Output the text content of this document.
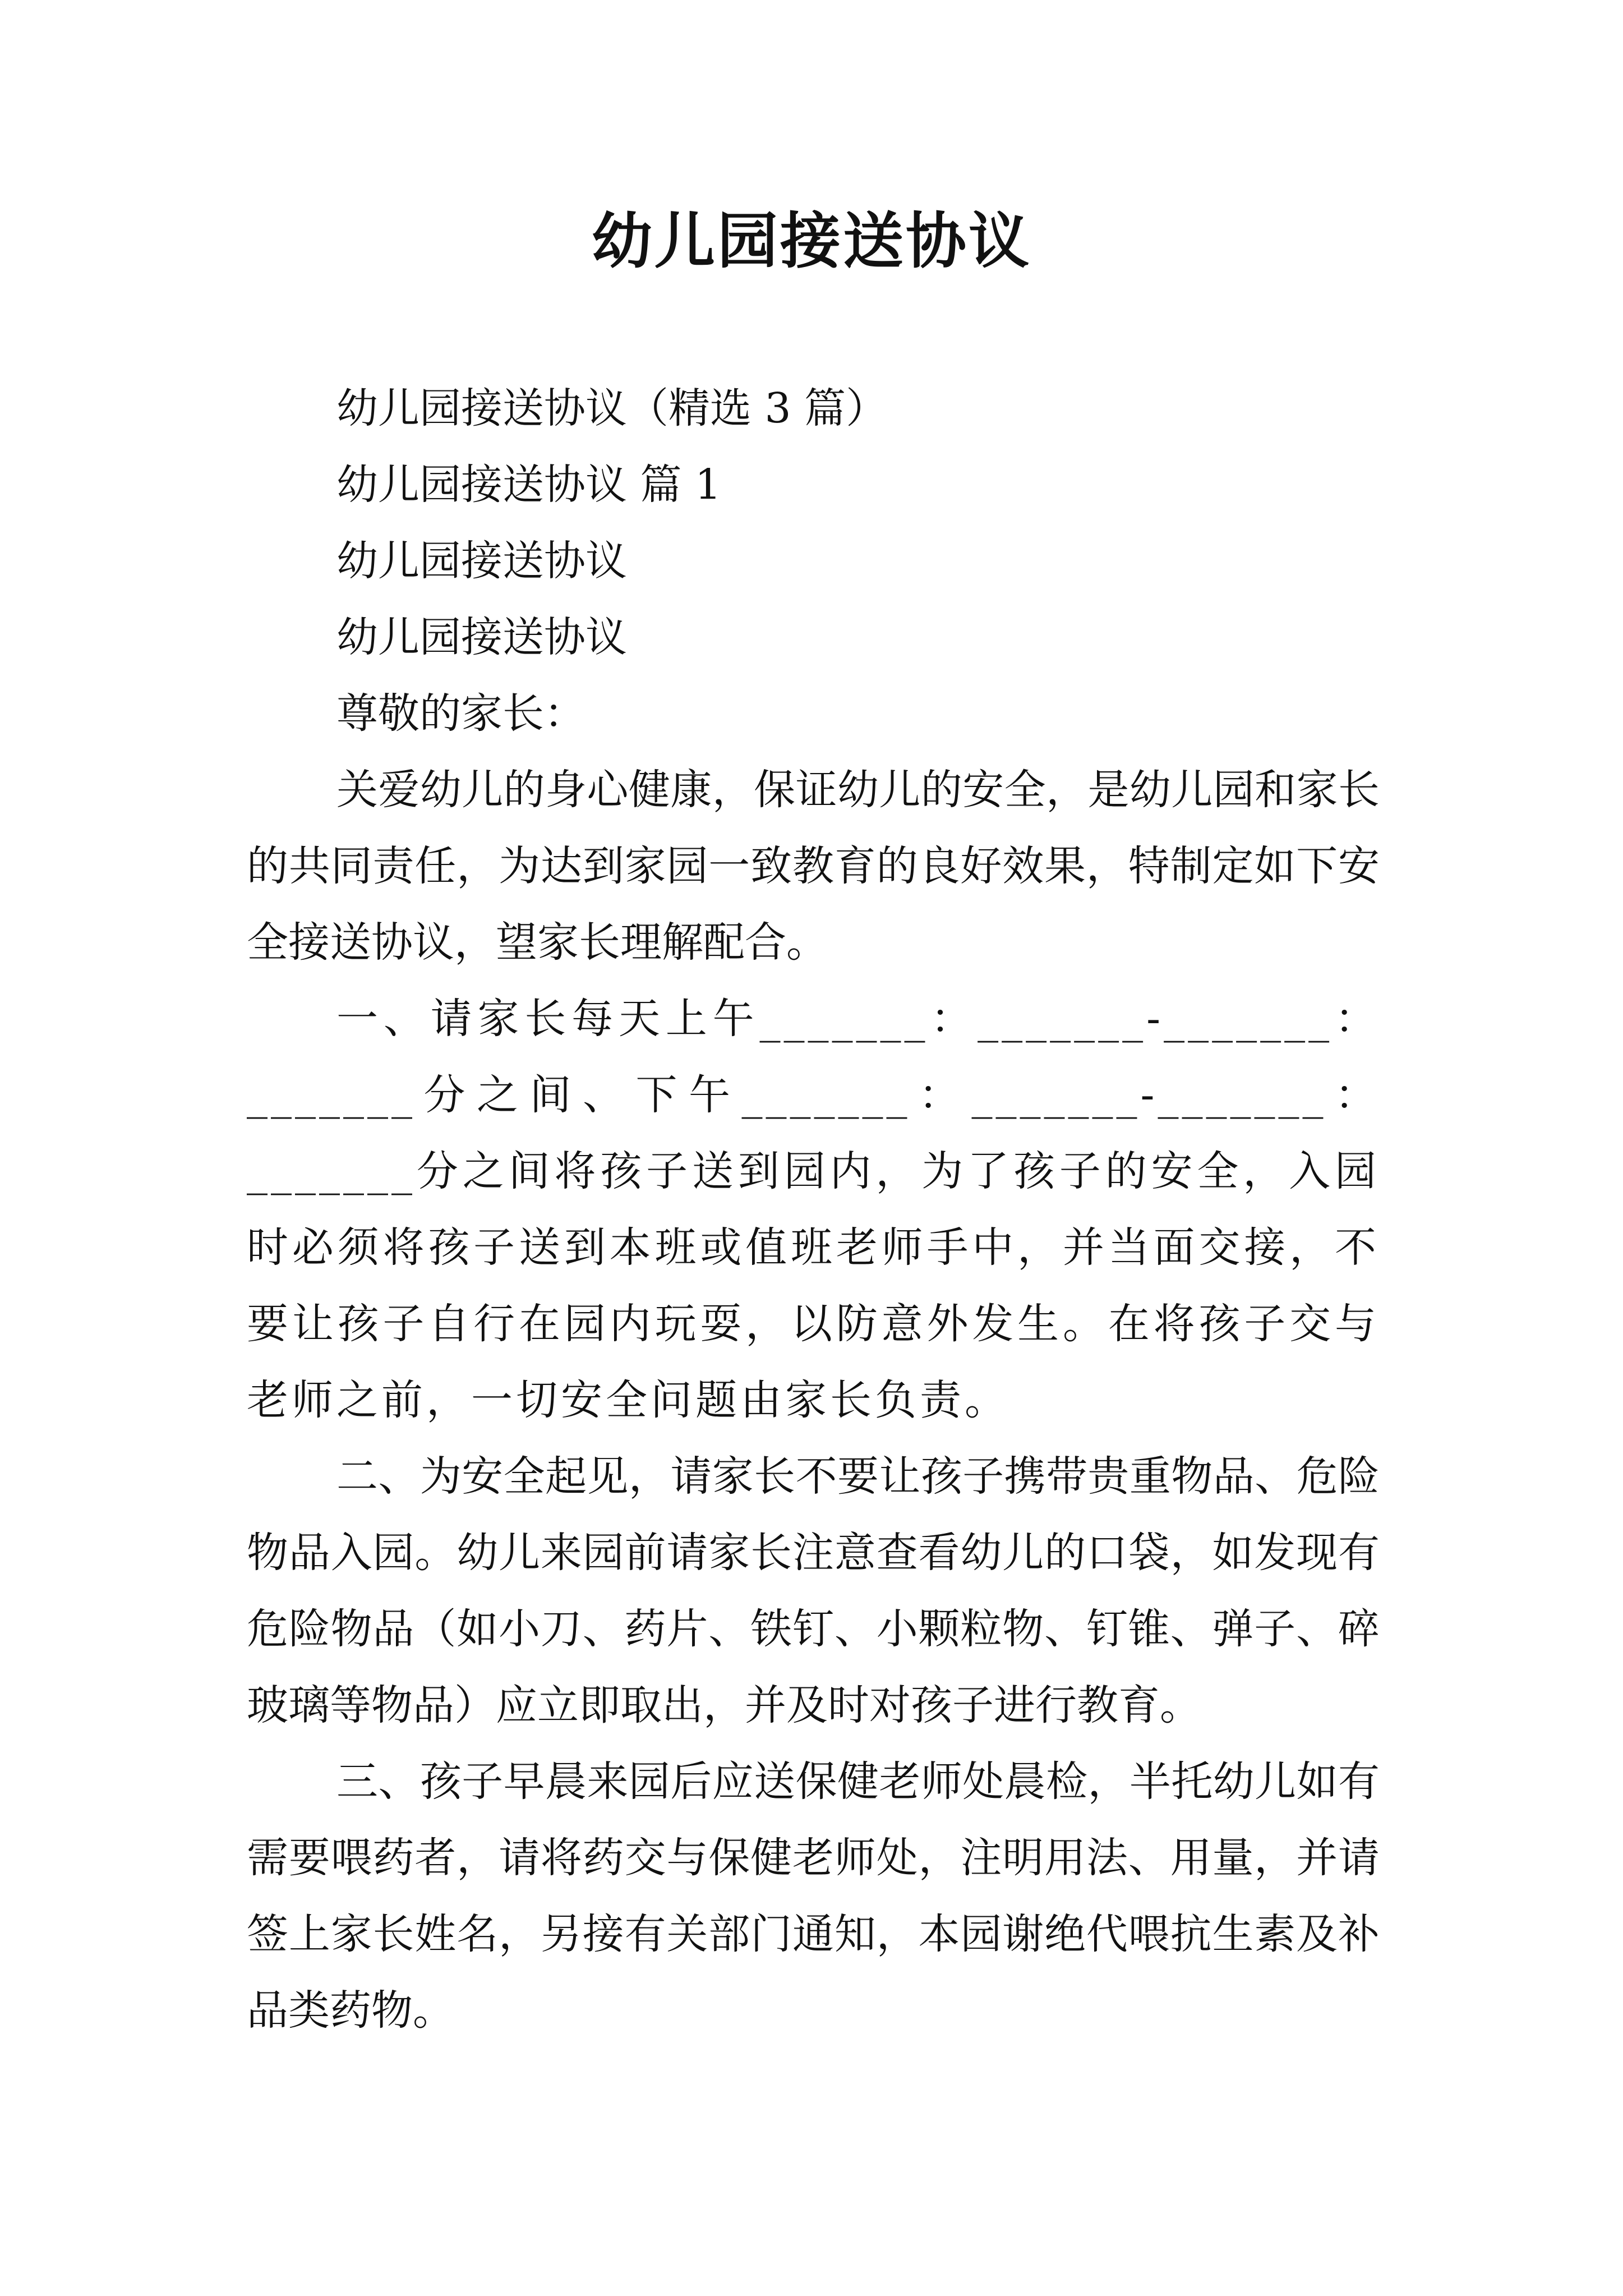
幼儿园接送协议

幼儿园接送协议（精选 3 篇）

幼儿园接送协议 篇 1

幼儿园接送协议

幼儿园接送协议

尊敬的家长：

关爱幼儿的身心健康，保证幼儿的安全，是幼儿园和家长的共同责任，为达到家园一致教育的良好效果，特制定如下安全接送协议，望家长理解配合。

一、请家长每天上午_______：_______-_______：_______分之间、下午_______：_______-_______：_______分之间将孩子送到园内，为了孩子的安全，入园时必须将孩子送到本班或值班老师手中，并当面交接，不要让孩子自行在园内玩耍，以防意外发生。在将孩子交与老师之前，一切安全问题由家长负责。

二、为安全起见，请家长不要让孩子携带贵重物品、危险物品入园。幼儿来园前请家长注意查看幼儿的口袋，如发现有危险物品（如小刀、药片、铁钉、小颗粒物、钉锥、弹子、碎玻璃等物品）应立即取出，并及时对孩子进行教育。

三、孩子早晨来园后应送保健老师处晨检，半托幼儿如有需要喂药者，请将药交与保健老师处，注明用法、用量，并请签上家长姓名，另接有关部门通知，本园谢绝代喂抗生素及补品类药物。
